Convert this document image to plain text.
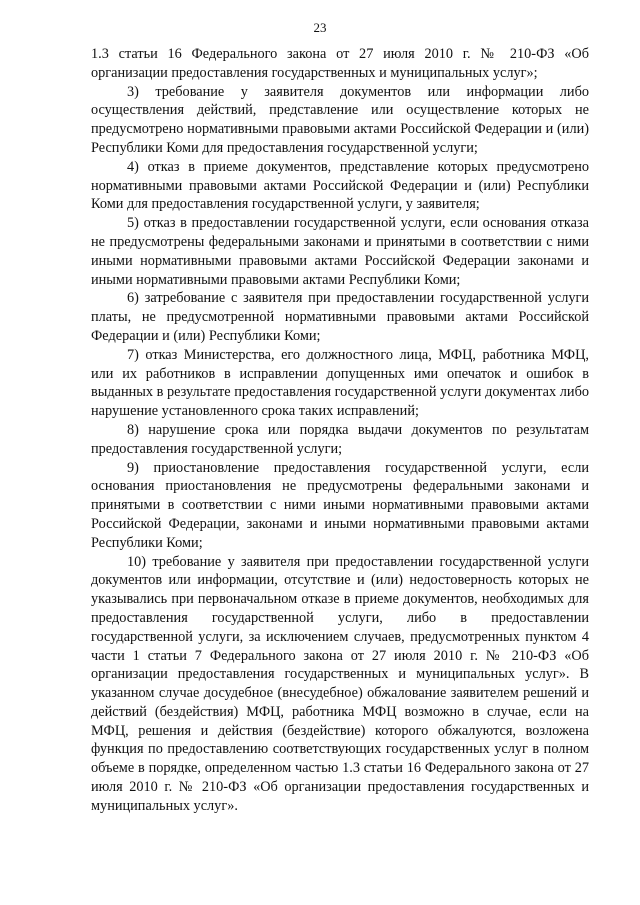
23

1.3 статьи 16 Федерального закона от 27 июля 2010 г. № 210-ФЗ «Об организации предоставления государственных и муниципальных услуг»;

3) требование у заявителя документов или информации либо осуществления действий, представление или осуществление которых не предусмотрено нормативными правовыми актами Российской Федерации и (или) Республики Коми для предоставления государственной услуги;

4) отказ в приеме документов, представление которых предусмотрено нормативными правовыми актами Российской Федерации и (или) Республики Коми для предоставления государственной услуги, у заявителя;

5) отказ в предоставлении государственной услуги, если основания отказа не предусмотрены федеральными законами и принятыми в соответствии с ними иными нормативными правовыми актами Российской Федерации законами и иными нормативными правовыми актами Республики Коми;

6) затребование с заявителя при предоставлении государственной услуги платы, не предусмотренной нормативными правовыми актами Российской Федерации и (или) Республики Коми;

7) отказ Министерства, его должностного лица, МФЦ, работника МФЦ, или их работников в исправлении допущенных ими опечаток и ошибок в выданных в результате предоставления государственной услуги документах либо нарушение установленного срока таких исправлений;

8) нарушение срока или порядка выдачи документов по результатам предоставления государственной услуги;

9) приостановление предоставления государственной услуги, если основания приостановления не предусмотрены федеральными законами и принятыми в соответствии с ними иными нормативными правовыми актами Российской Федерации, законами и иными нормативными правовыми актами Республики Коми;

10) требование у заявителя при предоставлении государственной услуги документов или информации, отсутствие и (или) недостоверность которых не указывались при первоначальном отказе в приеме документов, необходимых для предоставления государственной услуги, либо в предоставлении государственной услуги, за исключением случаев, предусмотренных пунктом 4 части 1 статьи 7 Федерального закона от 27 июля 2010 г. № 210-ФЗ «Об организации предоставления государственных и муниципальных услуг». В указанном случае досудебное (внесудебное) обжалование заявителем решений и действий (бездействия) МФЦ, работника МФЦ возможно в случае, если на МФЦ, решения и действия (бездействие) которого обжалуются, возложена функция по предоставлению соответствующих государственных услуг в полном объеме в порядке, определенном частью 1.3 статьи 16 Федерального закона от 27 июля 2010 г. № 210-ФЗ «Об организации предоставления государственных и муниципальных услуг».
